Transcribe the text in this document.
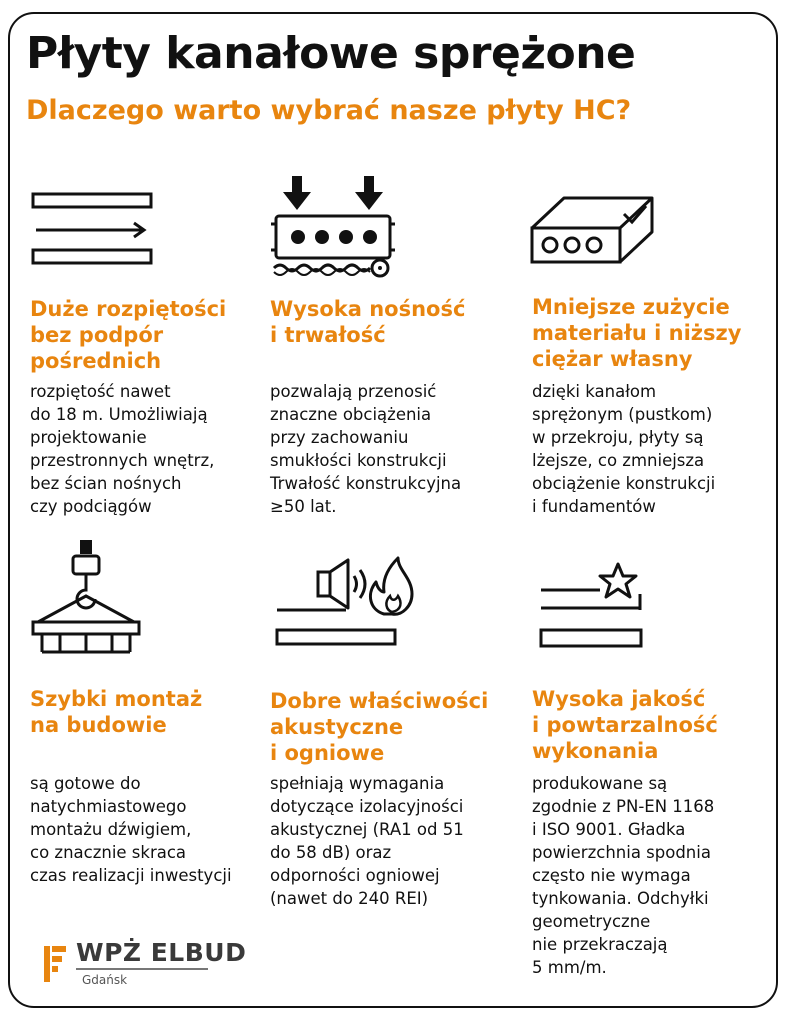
Płyty kanałowe sprężone
Dlaczego warto wybrać nasze płyty HC?
Duże rozpiętości
bez podpór
pośrednich
Wysoka nośność
i trwałość
Mniejsze zużycie
materiału i niższy
ciężar własny
Szybki montaż
na budowie
Dobre właściwości
akustyczne
i ogniowe
Wysoka jakość
i powtarzalność
wykonania
rozpiętość nawet
do 18 m. Umożliwiają
projektowanie
przestronnych wnętrz,
bez ścian nośnych
czy podciągów
pozwalają przenosić
znaczne obciążenia
przy zachowaniu
smukłości konstrukcji
Trwałość konstrukcyjna
≥50 lat.
dzięki kanałom
sprężonym (pustkom)
w przekroju, płyty są
lżejsze, co zmniejsza
obciążenie konstrukcji
i fundamentów
są gotowe do
natychmiastowego
montażu dźwigiem,
co znacznie skraca
czas realizacji inwestycji
spełniają wymagania
dotyczące izolacyjności
akustycznej (RA1 od 51
do 58 dB) oraz
odporności ogniowej
(nawet do 240 REI)
produkowane są
zgodnie z PN-EN 1168
i ISO 9001. Gładka
powierzchnia spodnia
często nie wymaga
tynkowania. Odchyłki
geometryczne
nie przekraczają
5 mm/m.
WPŻ ELBUD
Gdańsk
